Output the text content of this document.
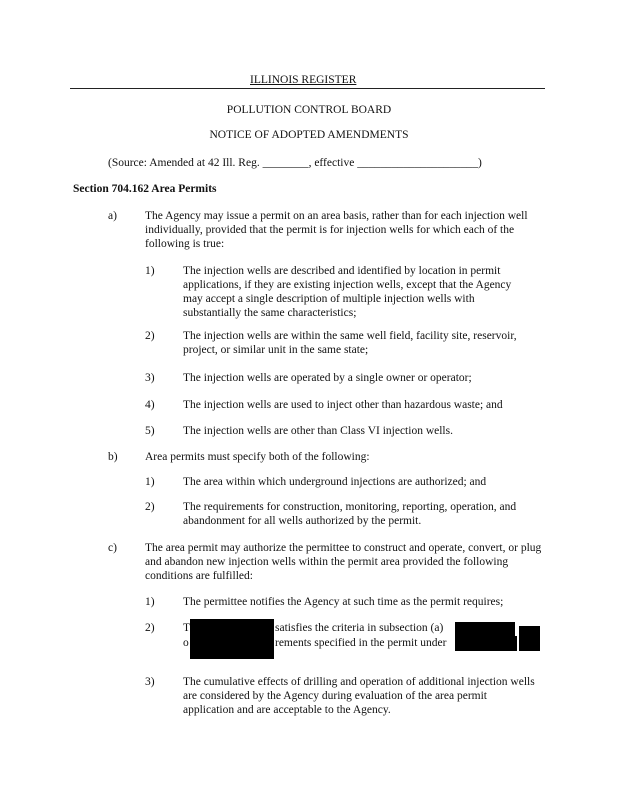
ILLINOIS REGISTER
POLLUTION CONTROL BOARD
NOTICE OF ADOPTED AMENDMENTS
(Source: Amended at 42 Ill. Reg. ________, effective _____________________)
Section 704.162 Area Permits
a) The Agency may issue a permit on an area basis, rather than for each injection well individually, provided that the permit is for injection wells for which each of the following is true:
1) The injection wells are described and identified by location in permit applications, if they are existing injection wells, except that the Agency may accept a single description of multiple injection wells with substantially the same characteristics;
2) The injection wells are within the same well field, facility site, reservoir, project, or similar unit in the same state;
3) The injection wells are operated by a single owner or operator;
4) The injection wells are used to inject other than hazardous waste; and
5) The injection wells are other than Class VI injection wells.
b) Area permits must specify both of the following:
1) The area within which underground injections are authorized; and
2) The requirements for construction, monitoring, reporting, operation, and abandonment for all wells authorized by the permit.
c) The area permit may authorize the permittee to construct and operate, convert, or plug and abandon new injection wells within the permit area provided the following conditions are fulfilled:
1) The permittee notifies the Agency at such time as the permit requires;
2) T	satisfies the criteria in subsection (a)
o	rements specified in the permit under
3) The cumulative effects of drilling and operation of additional injection wells are considered by the Agency during evaluation of the area permit application and are acceptable to the Agency.
